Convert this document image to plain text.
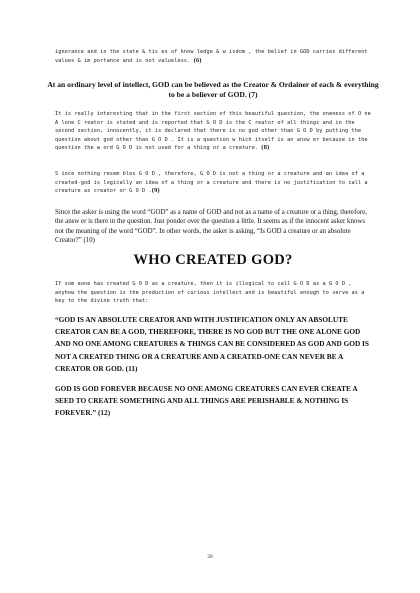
ignorance and in the state & tis es of know ledge & w isdom , the belief in GOD carries different values & im portance and is not valueless. (6)

At an ordinary level of intellect, GOD can be believed as the Creator & Ordainer of each & everything to be a believer of GOD. (7)

It is really interesting that in the first section of this beautiful question, the oneness of O ne A lone C reator is stated and is reported that G O D is the C reator of all things and in the second section, innocently, it is declared that there is no god other than G O D by putting the question about god other than G O D . It is a question w hich itself is an answ er because in the question the w ord G O D is not used for a thing or a creature. (8)

S ince nothing resem bles G O D , therefore, G O D is not a thing or a creature and an idea of a created-god is logically an idea of a thing or a creature and there is no justification to call a creature as creator or G O D .(9)

Since the asker is using the word “GOD” as a name of GOD and not as a name of a creature or a thing, therefore, the answ er is there in the question. Just ponder over the question a little. It seems as if the innocent asker knows not the meaning of the word “GOD”. In other words, the asker is asking, “Is GOD a creature or an absolute Creator?” (10)

WHO CREATED GOD?

If som eone has created G O D as a creature, then it is illogical to call G O D as a G O D , anyhow the question is the production of curious intellect and is beautiful enough to serve as a key to the divine truth that:

“GOD IS AN ABSOLUTE CREATOR AND WITH JUSTIFICATION ONLY AN ABSOLUTE CREATOR CAN BE A GOD, THEREFORE, THERE IS NO GOD BUT THE ONE ALONE GOD AND NO ONE AMONG CREATURES & THINGS CAN BE CONSIDERED AS GOD AND GOD IS NOT A CREATED THING OR A CREATURE AND A CREATED-ONE CAN NEVER BE A CREATOR OR GOD. (11)

GOD IS GOD FOREVER BECAUSE NO ONE AMONG CREATURES CAN EVER CREATE A SEED TO CREATE SOMETHING AND ALL THINGS ARE PERISHABLE & NOTHING IS FOREVER.” (12)

28
